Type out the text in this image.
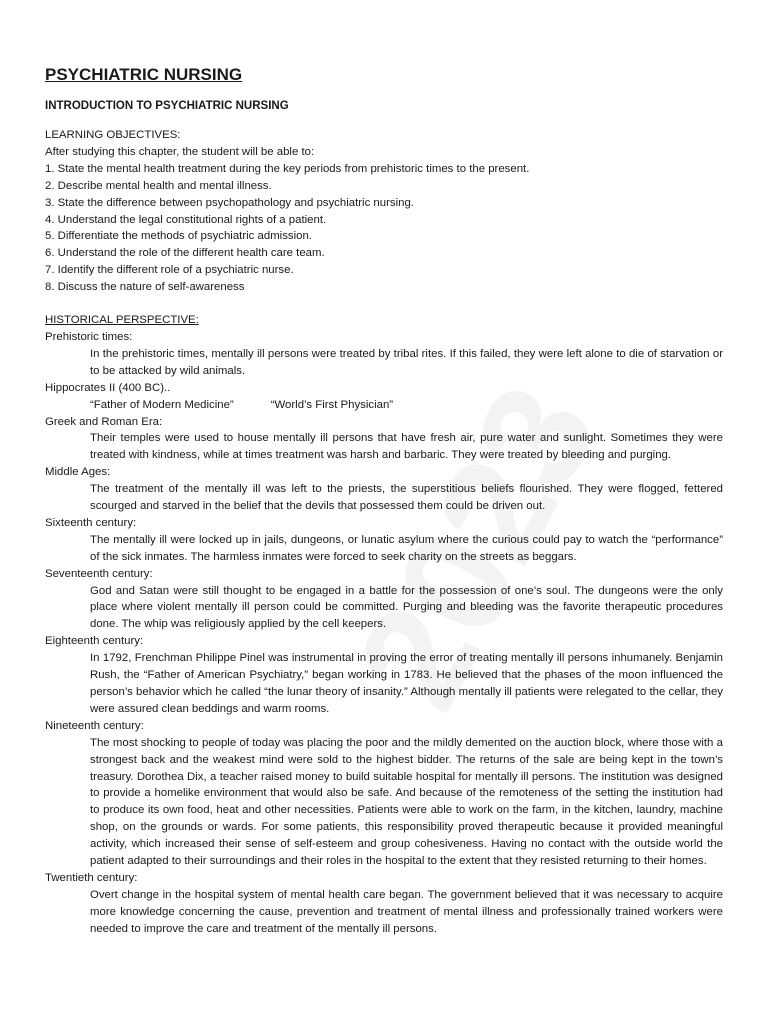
PSYCHIATRIC NURSING
INTRODUCTION TO PSYCHIATRIC NURSING
LEARNING OBJECTIVES:
After studying this chapter, the student will be able to:
1. State the mental health treatment during the key periods from prehistoric times to the present.
2. Describe mental health and mental illness.
3. State the difference between psychopathology and psychiatric nursing.
4. Understand the legal constitutional rights of a patient.
5. Differentiate the methods of psychiatric admission.
6. Understand the role of the different health care team.
7. Identify the different role of a psychiatric nurse.
8. Discuss the nature of self-awareness
HISTORICAL PERSPECTIVE:
Prehistoric times:
In the prehistoric times, mentally ill persons were treated by tribal rites. If this failed, they were left alone to die of starvation or to be attacked by wild animals.
Hippocrates II (400 BC)..
“Father of Modern Medicine”	“World’s First Physician”
Greek and Roman Era:
Their temples were used to house mentally ill persons that have fresh air, pure water and sunlight. Sometimes they were treated with kindness, while at times treatment was harsh and barbaric. They were treated by bleeding and purging.
Middle Ages:
The treatment of the mentally ill was left to the priests, the superstitious beliefs flourished. They were flogged, fettered scourged and starved in the belief that the devils that possessed them could be driven out.
Sixteenth century:
The mentally ill were locked up in jails, dungeons, or lunatic asylum where the curious could pay to watch the “performance” of the sick inmates. The harmless inmates were forced to seek charity on the streets as beggars.
Seventeenth century:
God and Satan were still thought to be engaged in a battle for the possession of one’s soul. The dungeons were the only place where violent mentally ill person could be committed. Purging and bleeding was the favorite therapeutic procedures done. The whip was religiously applied by the cell keepers.
Eighteenth century:
In 1792, Frenchman Philippe Pinel was instrumental in proving the error of treating mentally ill persons inhumanely. Benjamin Rush, the “Father of American Psychiatry,” began working in 1783. He believed that the phases of the moon influenced the person’s behavior which he called “the lunar theory of insanity.” Although mentally ill patients were relegated to the cellar, they were assured clean beddings and warm rooms.
Nineteenth century:
The most shocking to people of today was placing the poor and the mildly demented on the auction block, where those with a strongest back and the weakest mind were sold to the highest bidder. The returns of the sale are being kept in the town’s treasury. Dorothea Dix, a teacher raised money to build suitable hospital for mentally ill persons. The institution was designed to provide a homelike environment that would also be safe. And because of the remoteness of the setting the institution had to produce its own food, heat and other necessities. Patients were able to work on the farm, in the kitchen, laundry, machine shop, on the grounds or wards. For some patients, this responsibility proved therapeutic because it provided meaningful activity, which increased their sense of self-esteem and group cohesiveness. Having no contact with the outside world the patient adapted to their surroundings and their roles in the hospital to the extent that they resisted returning to their homes.
Twentieth century:
Overt change in the hospital system of mental health care began. The government believed that it was necessary to acquire more knowledge concerning the cause, prevention and treatment of mental illness and professionally trained workers were needed to improve the care and treatment of the mentally ill persons.
